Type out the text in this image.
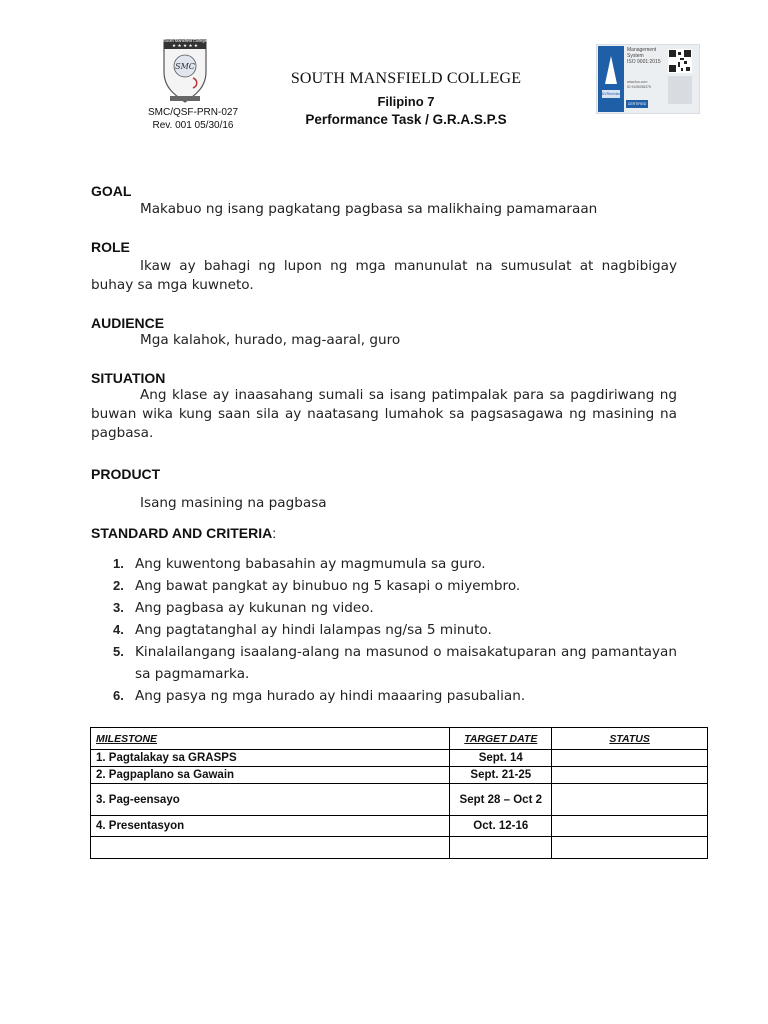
★ ★ ★ ★ ★
SMC
South Mansfield College
SMC/QSF-PRN-027
Rev. 001 05/30/16
SOUTH MANSFIELD COLLEGE
Filipino 7
Performance Task / G.R.A.S.P.S
Management
System
ISO 9001:2015
TÜVRheinland
CERTIFIED
www.tuv.com
ID 9105058375
GOAL
Makabuo ng isang pagkatang pagbasa sa malikhaing pamamaraan
ROLE
Ikaw ay bahagi ng lupon ng mga manunulat na sumusulat at nagbibigay buhay sa mga kuwneto.
AUDIENCE
Mga kalahok, hurado, mag-aaral, guro
SITUATION
Ang klase ay inaasahang sumali sa isang patimpalak para sa pagdiriwang ng buwan wika kung saan sila ay naatasang lumahok sa pagsasagawa ng masining na pagbasa.
PRODUCT
Isang masining na pagbasa
STANDARD AND CRITERIA:
1. Ang kuwentong babasahin ay magmumula sa guro.
2. Ang bawat pangkat ay binubuo ng 5 kasapi o miyembro.
3. Ang pagbasa ay kukunan ng video.
4. Ang pagtatanghal ay hindi lalampas ng/sa 5 minuto.
5. Kinalailangang isaalang-alang na masunod o maisakatuparan ang pamantayan sa pagmamarka.
6. Ang pasya ng mga hurado ay hindi maaaring pasubalian.
MILESTONE	TARGET DATE	STATUS
1. Pagtalakay sa GRASPS	Sept. 14	
2. Pagpaplano sa Gawain	Sept. 21-25	
3. Pag-eensayo	Sept 28 – Oct 2	
4. Presentasyon	Oct. 12-16	
